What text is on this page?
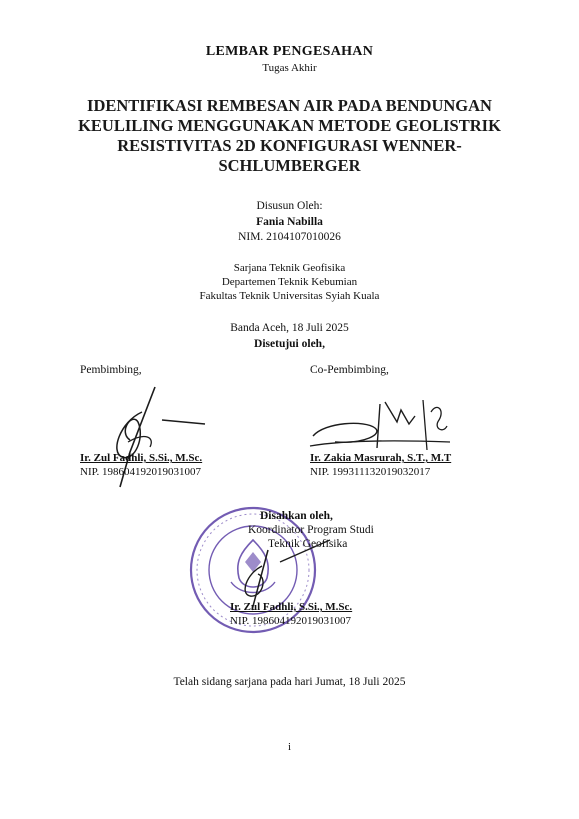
LEMBAR PENGESAHAN
Tugas Akhir
IDENTIFIKASI REMBESAN AIR PADA BENDUNGAN
KEULILING MENGGUNAKAN METODE GEOLISTRIK
RESISTIVITAS 2D KONFIGURASI WENNER-
SCHLUMBERGER
Disusun Oleh:
Fania Nabilla
NIM. 2104107010026
Sarjana Teknik Geofisika
Departemen Teknik Kebumian
Fakultas Teknik Universitas Syiah Kuala
Banda Aceh, 18 Juli 2025
Disetujui oleh,
Pembimbing,
Ir. Zul Fadhli, S.Si., M.Sc.
NIP. 198604192019031007
Co-Pembimbing,
Ir. Zakia Masrurah, S.T., M.T
NIP. 199311132019032017
Disahkan oleh,
Koordinator Program Studi
Teknik Geofisika
Ir. Zul Fadhli, S.Si., M.Sc.
NIP. 198604192019031007
Telah sidang sarjana pada hari Jumat, 18 Juli 2025
i
